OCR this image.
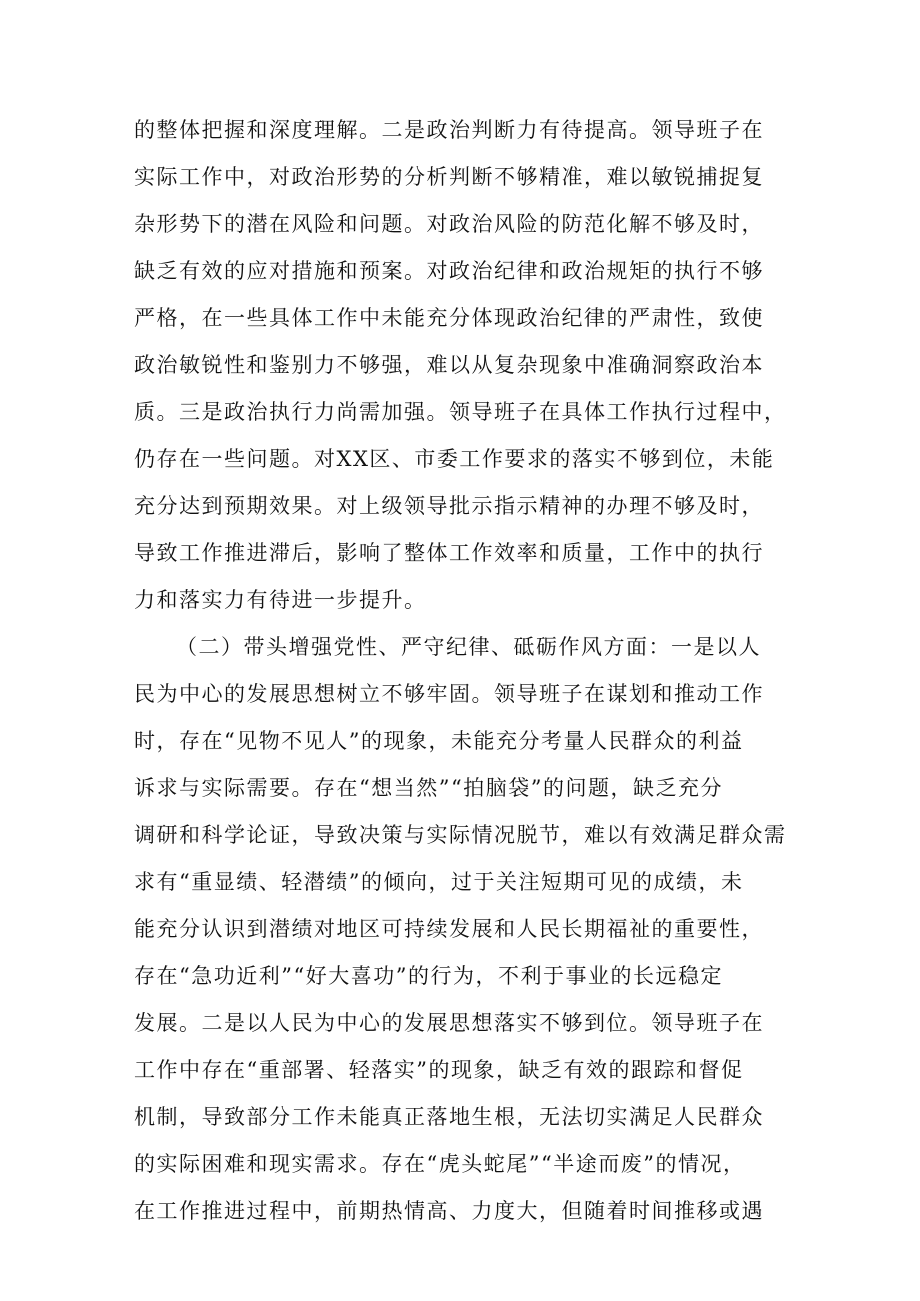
的整体把握和深度理解。二是政治判断力有待提高。领导班子在
实际工作中，对政治形势的分析判断不够精准，难以敏锐捕捉复
杂形势下的潜在风险和问题。对政治风险的防范化解不够及时，
缺乏有效的应对措施和预案。对政治纪律和政治规矩的执行不够
严格，在一些具体工作中未能充分体现政治纪律的严肃性，致使
政治敏锐性和鉴别力不够强，难以从复杂现象中准确洞察政治本
质。三是政治执行力尚需加强。领导班子在具体工作执行过程中，
仍存在一些问题。对XX区、市委工作要求的落实不够到位，未能
充分达到预期效果。对上级领导批示指示精神的办理不够及时，
导致工作推进滞后，影响了整体工作效率和质量，工作中的执行
力和落实力有待进一步提升。
（二）带头增强党性、严守纪律、砥砺作风方面：一是以人
民为中心的发展思想树立不够牢固。领导班子在谋划和推动工作
时，存在“见物不见人”的现象，未能充分考量人民群众的利益
诉求与实际需要。存在“想当然”“拍脑袋”的问题，缺乏充分
调研和科学论证，导致决策与实际情况脱节，难以有效满足群众需
求有“重显绩、轻潜绩”的倾向，过于关注短期可见的成绩，未
能充分认识到潜绩对地区可持续发展和人民长期福祉的重要性，
存在“急功近利”“好大喜功”的行为，不利于事业的长远稳定
发展。二是以人民为中心的发展思想落实不够到位。领导班子在
工作中存在“重部署、轻落实”的现象，缺乏有效的跟踪和督促
机制，导致部分工作未能真正落地生根，无法切实满足人民群众
的实际困难和现实需求。存在“虎头蛇尾”“半途而废”的情况，
在工作推进过程中，前期热情高、力度大，但随着时间推移或遇
